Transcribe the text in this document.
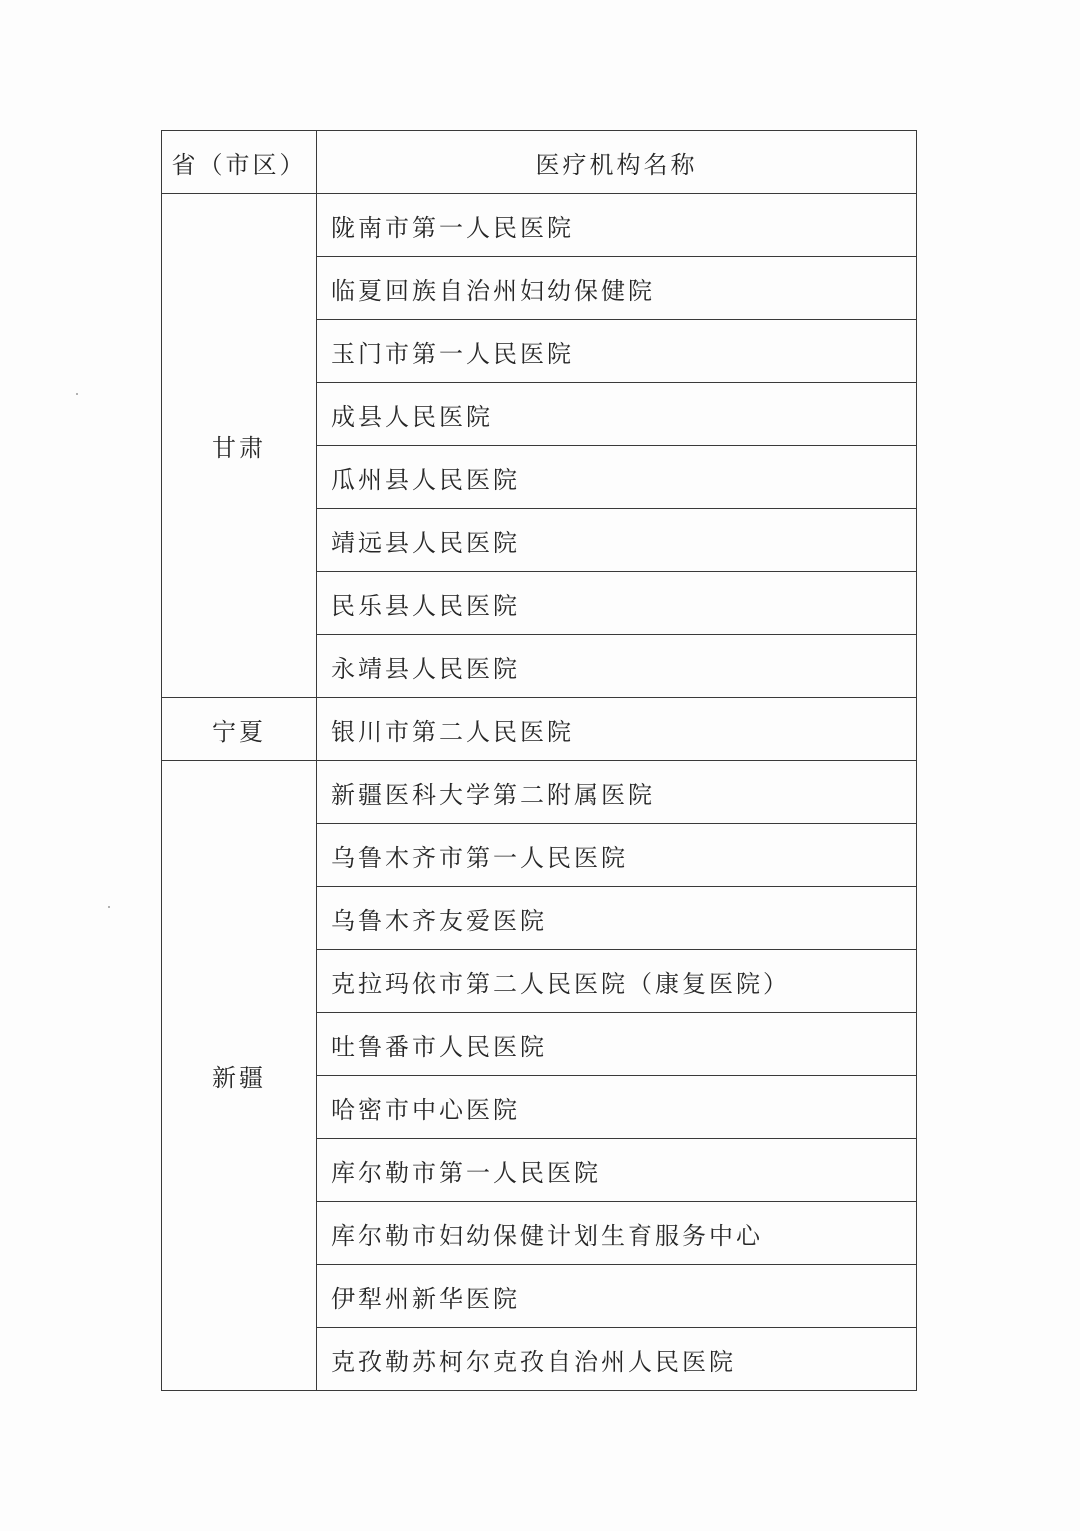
省（市区）	医疗机构名称
甘肃	陇南市第一人民医院
	临夏回族自治州妇幼保健院
	玉门市第一人民医院
	成县人民医院
	瓜州县人民医院
	靖远县人民医院
	民乐县人民医院
	永靖县人民医院
宁夏	银川市第二人民医院
新疆	新疆医科大学第二附属医院
	乌鲁木齐市第一人民医院
	乌鲁木齐友爱医院
	克拉玛依市第二人民医院（康复医院）
	吐鲁番市人民医院
	哈密市中心医院
	库尔勒市第一人民医院
	库尔勒市妇幼保健计划生育服务中心
	伊犁州新华医院
	克孜勒苏柯尔克孜自治州人民医院
